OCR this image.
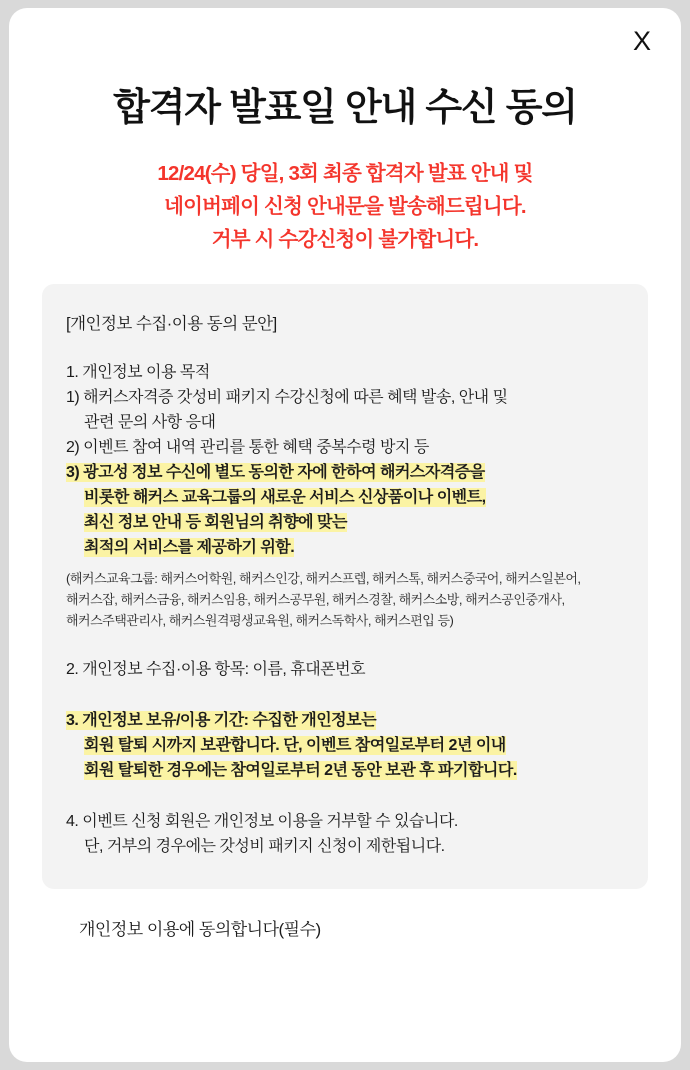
X
합격자 발표일 안내 수신 동의
12/24(수) 당일, 3회 최종 합격자 발표 안내 및
네이버페이 신청 안내문을 발송해드립니다.
거부 시 수강신청이 불가합니다.
[개인정보 수집·이용 동의 문안]
1. 개인정보 이용 목적
1) 해커스자격증 갓성비 패키지 수강신청에 따른 혜택 발송, 안내 및
관련 문의 사항 응대
2) 이벤트 참여 내역 관리를 통한 혜택 중복수령 방지 등
3) 광고성 정보 수신에 별도 동의한 자에 한하여 해커스자격증을
비롯한 해커스 교육그룹의 새로운 서비스 신상품이나 이벤트,
최신 정보 안내 등 회원님의 취향에 맞는
최적의 서비스를 제공하기 위함.
(해커스교육그룹: 해커스어학원, 해커스인강, 해커스프렙, 해커스톡, 해커스중국어, 해커스일본어,
해커스잡, 해커스금융, 해커스임용, 해커스공무원, 해커스경찰, 해커스소방, 해커스공인중개사,
해커스주택관리사, 해커스원격평생교육원, 해커스독학사, 해커스편입 등)
2. 개인정보 수집·이용 항목: 이름, 휴대폰번호
3. 개인정보 보유/이용 기간: 수집한 개인정보는
회원 탈퇴 시까지 보관합니다. 단, 이벤트 참여일로부터 2년 이내
회원 탈퇴한 경우에는 참여일로부터 2년 동안 보관 후 파기합니다.
4. 이벤트 신청 회원은 개인정보 이용을 거부할 수 있습니다.
단, 거부의 경우에는 갓성비 패키지 신청이 제한됩니다.
개인정보 이용에 동의합니다(필수)
